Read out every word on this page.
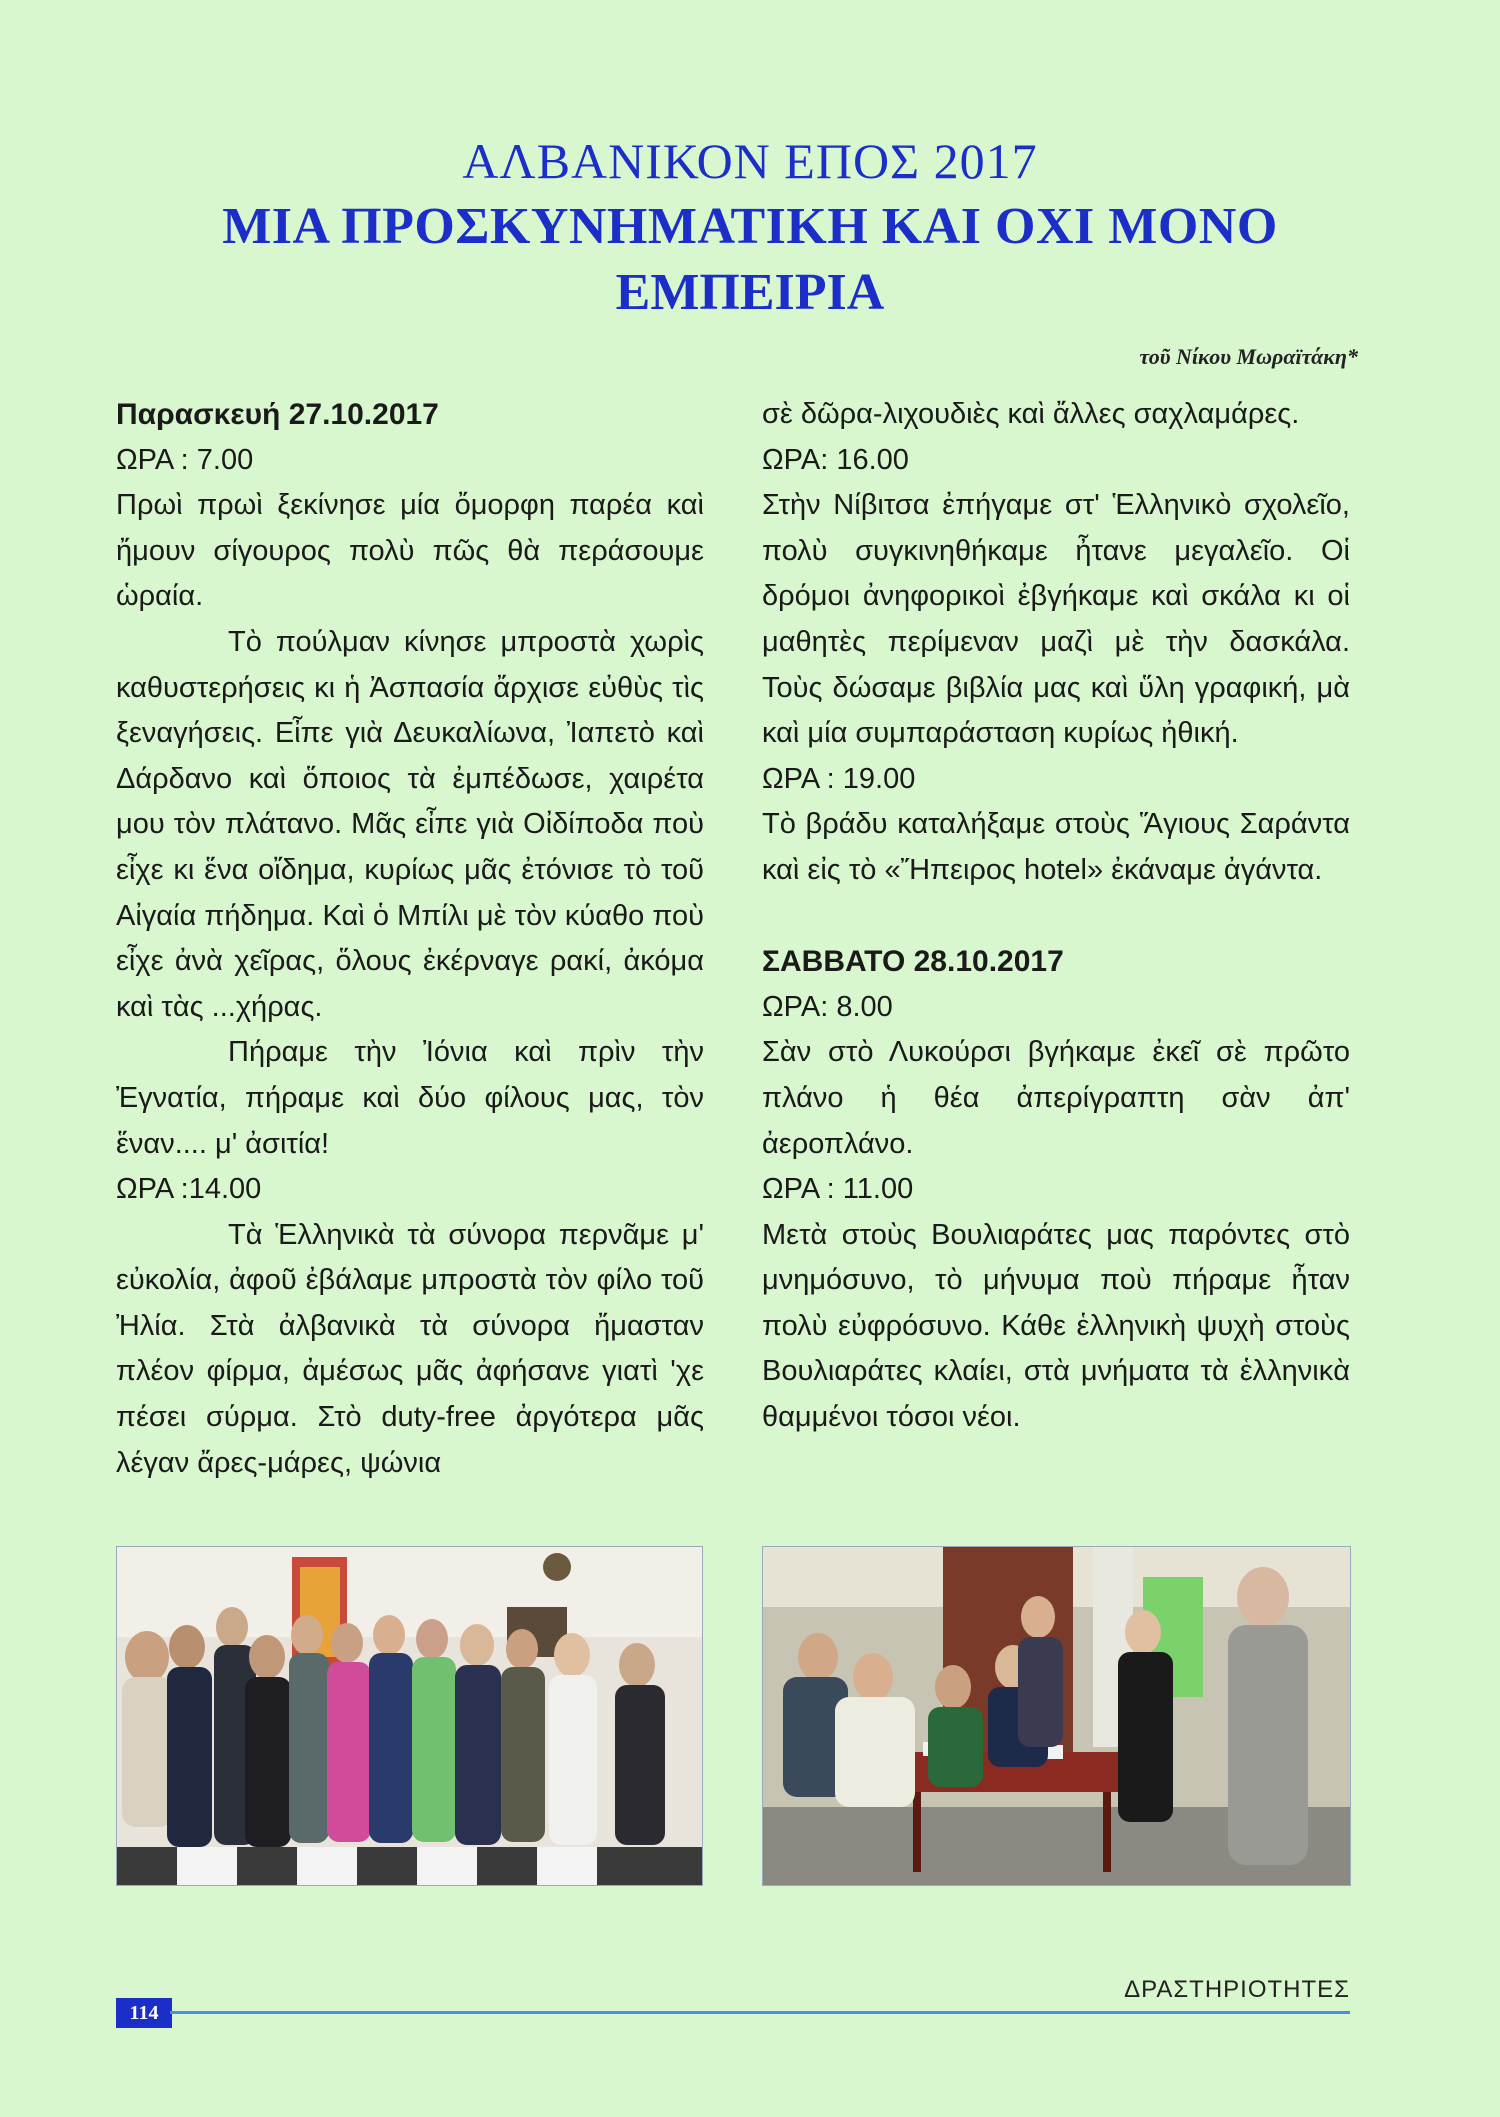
ΑΛΒΑΝΙΚΟΝ ΕΠΟΣ 2017
ΜΙΑ ΠΡΟΣΚΥΝΗΜΑΤΙΚΗ ΚΑΙ ΟΧΙ ΜΟΝΟ
ΕΜΠΕΙΡΙΑ
τοῦ Νίκου Μωραϊτάκη*

Παρασκευή 27.10.2017

ΩΡΑ : 7.00

Πρωὶ πρωὶ ξεκίνησε μία ὄμορφη παρέα καὶ ἤμουν σίγουρος πολὺ πῶς θὰ περάσουμε ὡραία.

Τὸ πούλμαν κίνησε μπροστὰ χωρὶς καθυστερήσεις κι ἡ Ἀσπασία ἄρχισε εὐθὺς τὶς ξεναγήσεις. Εἶπε γιὰ Δευκαλίωνα, Ἰαπετὸ καὶ Δάρδανο καὶ ὅποιος τὰ ἐμπέδωσε, χαιρέτα μου τὸν πλάτανο. Μᾶς εἶπε γιὰ Οἰδίποδα ποὺ εἶχε κι ἕνα οἴδημα, κυρίως μᾶς ἐτόνισε τὸ τοῦ Αἰγαία πήδημα. Καὶ ὁ Μπίλι μὲ τὸν κύαθο ποὺ εἶχε ἀνὰ χεῖρας, ὅλους ἐκέρναγε ρακί, ἀκόμα καὶ τὰς ...χήρας.

Πήραμε τὴν Ἰόνια καὶ πρὶν τὴν Ἐγνατία, πήραμε καὶ δύο φίλους μας, τὸν ἕναν.... μ' ἀσιτία!

ΩΡΑ :14.00

Τὰ Ἑλληνικὰ τὰ σύνορα περνᾶμε μ' εὐκολία, ἀφοῦ ἐβάλαμε μπροστὰ τὸν φίλο τοῦ Ἠλία. Στὰ ἀλβανικὰ τὰ σύνορα ἤμασταν πλέον φίρμα, ἀμέσως μᾶς ἀφήσανε γιατὶ 'χε πέσει σύρμα. Στὸ duty-free ἀργότερα μᾶς λέγαν ἄρες-μάρες, ψώνια

σὲ δῶρα-λιχουδιὲς καὶ ἄλλες σαχλαμάρες.

ΩΡΑ: 16.00

Στὴν Νίβιτσα ἐπήγαμε στ' Ἑλληνικὸ σχολεῖο, πολὺ συγκινηθήκαμε ἦτανε μεγαλεῖο. Οἱ δρόμοι ἀνηφορικοὶ ἐβγήκαμε καὶ σκάλα κι οἱ μαθητὲς περίμεναν μαζὶ μὲ τὴν δασκάλα. Τοὺς δώσαμε βιβλία μας καὶ ὕλη γραφική, μὰ καὶ μία συμπαράσταση κυρίως ἠθική.

ΩΡΑ : 19.00

Τὸ βράδυ καταλήξαμε στοὺς Ἅγιους Σαράντα καὶ εἰς τὸ «Ἤπειρος hotel» ἐκάναμε ἀγάντα.

ΣΑΒΒΑΤΟ 28.10.2017

ΩΡΑ: 8.00

Σὰν στὸ Λυκούρσι βγήκαμε ἐκεῖ σὲ πρῶτο πλάνο ἡ θέα ἀπερίγραπτη σὰν ἀπ' ἀεροπλάνο.

ΩΡΑ : 11.00

Μετὰ στοὺς Βουλιαράτες μας παρόντες στὸ μνημόσυνο, τὸ μήνυμα ποὺ πήραμε ἦταν πολὺ εὐφρόσυνο. Κάθε ἑλληνικὴ ψυχὴ στοὺς Βουλιαράτες κλαίει, στὰ μνήματα τὰ ἑλληνικὰ θαμμένοι τόσοι νέοι.

114
ΔΡΑΣΤΗΡΙΟΤΗΤΕΣ
